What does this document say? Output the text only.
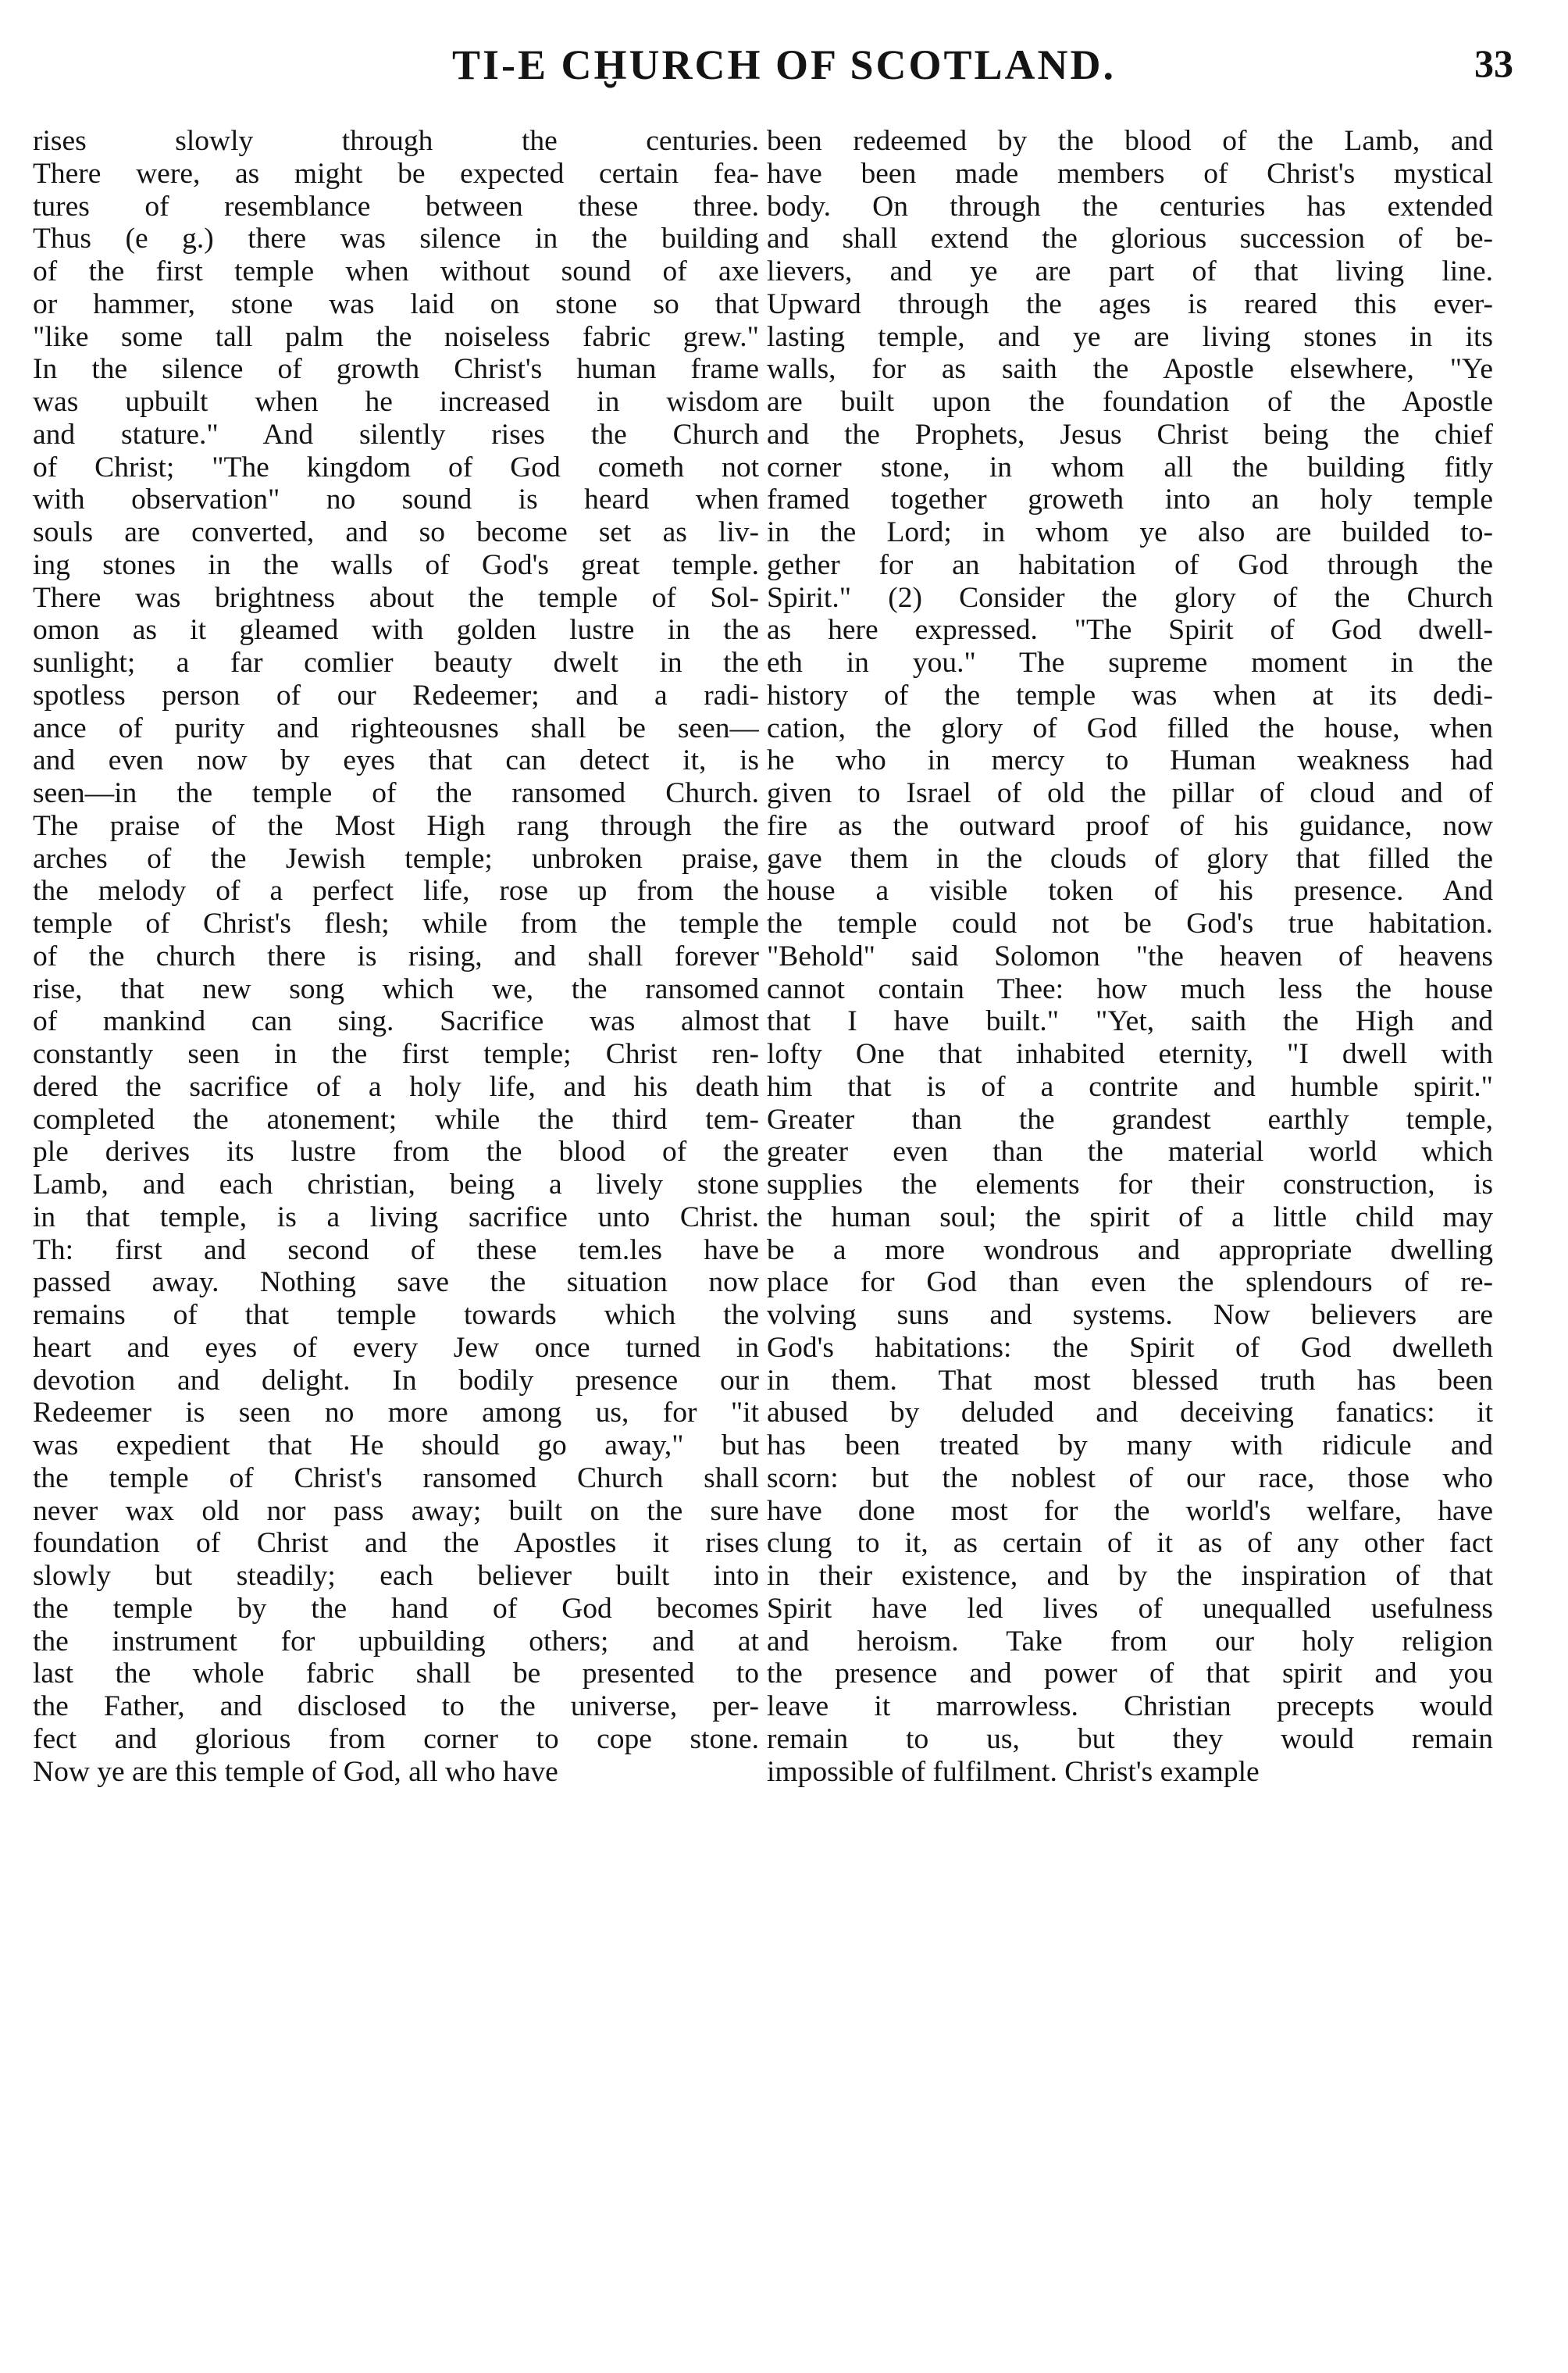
TI-E CḪURCH OF SCOTLAND.	33
rises slowly through the centuries.
There were, as might be expected certain fea-
tures of resemblance between these three.
Thus (e g.) there was silence in the building
of the first temple when without sound of axe
or hammer, stone was laid on stone so that
"like some tall palm the noiseless fabric grew."
In the silence of growth Christ's human frame
was upbuilt when he increased in wisdom
and stature." And silently rises the Church
of Christ; "The kingdom of God cometh not
with observation" no sound is heard when
souls are converted, and so become set as liv-
ing stones in the walls of God's great temple.
There was brightness about the temple of Sol-
omon as it gleamed with golden lustre in the
sunlight; a far comlier beauty dwelt in the
spotless person of our Redeemer; and a radi-
ance of purity and righteousnes shall be seen—
and even now by eyes that can detect it, is
seen—in the temple of the ransomed Church.
The praise of the Most High rang through the
arches of the Jewish temple; unbroken praise,
the melody of a perfect life, rose up from the
temple of Christ's flesh; while from the temple
of the church there is rising, and shall forever
rise, that new song which we, the ransomed
of mankind can sing. Sacrifice was almost
constantly seen in the first temple; Christ ren-
dered the sacrifice of a holy life, and his death
completed the atonement; while the third tem-
ple derives its lustre from the blood of the
Lamb, and each christian, being a lively stone
in that temple, is a living sacrifice unto Christ.
Th: first and second of these tem.les have
passed away. Nothing save the situation now
remains of that temple towards which the
heart and eyes of every Jew once turned in
devotion and delight. In bodily presence our
Redeemer is seen no more among us, for "it
was expedient that He should go away," but
the temple of Christ's ransomed Church shall
never wax old nor pass away; built on the sure
foundation of Christ and the Apostles it rises
slowly but steadily; each believer built into
the temple by the hand of God becomes
the instrument for upbuilding others; and at
last the whole fabric shall be presented to
the Father, and disclosed to the universe, per-
fect and glorious from corner to cope stone.
Now ye are this temple of God, all who have
been redeemed by the blood of the Lamb, and
have been made members of Christ's mystical
body. On through the centuries has extended
and shall extend the glorious succession of be-
lievers, and ye are part of that living line.
Upward through the ages is reared this ever-
lasting temple, and ye are living stones in its
walls, for as saith the Apostle elsewhere, "Ye
are built upon the foundation of the Apostle
and the Prophets, Jesus Christ being the chief
corner stone, in whom all the building fitly
framed together groweth into an holy temple
in the Lord; in whom ye also are builded to-
gether for an habitation of God through the
Spirit." (2) Consider the glory of the Church
as here expressed. "The Spirit of God dwell-
eth in you." The supreme moment in the
history of the temple was when at its dedi-
cation, the glory of God filled the house, when
he who in mercy to Human weakness had
given to Israel of old the pillar of cloud and of
fire as the outward proof of his guidance, now
gave them in the clouds of glory that filled the
house a visible token of his presence. And
the temple could not be God's true habitation.
"Behold" said Solomon "the heaven of heavens
cannot contain Thee: how much less the house
that I have built." "Yet, saith the High and
lofty One that inhabited eternity, "I dwell with
him that is of a contrite and humble spirit."
Greater than the grandest earthly temple,
greater even than the material world which
supplies the elements for their construction, is
the human soul; the spirit of a little child may
be a more wondrous and appropriate dwelling
place for God than even the splendours of re-
volving suns and systems. Now believers are
God's habitations: the Spirit of God dwelleth
in them. That most blessed truth has been
abused by deluded and deceiving fanatics: it
has been treated by many with ridicule and
scorn: but the noblest of our race, those who
have done most for the world's welfare, have
clung to it, as certain of it as of any other fact
in their existence, and by the inspiration of that
Spirit have led lives of unequalled usefulness
and heroism. Take from our holy religion
the presence and power of that spirit and you
leave it marrowless. Christian precepts would
remain to us, but they would remain
impossible of fulfilment. Christ's example
